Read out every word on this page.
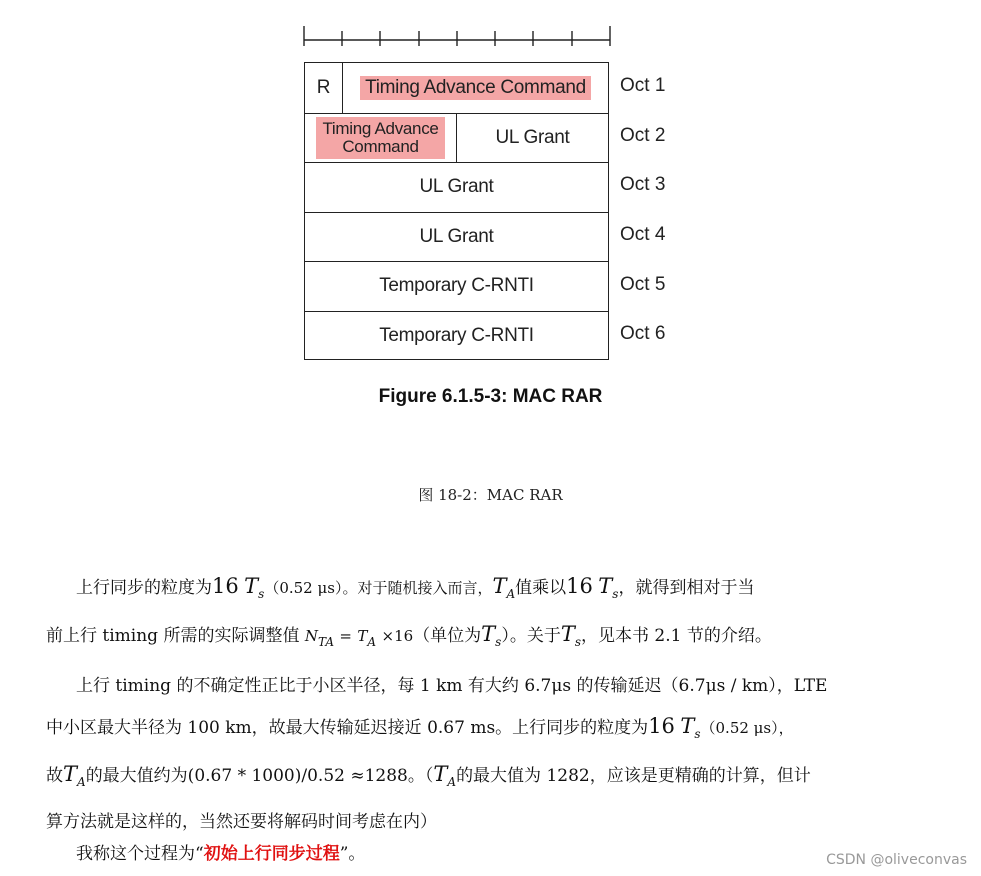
R Timing Advance Command
Timing Advance
Command	UL Grant
UL Grant
UL Grant
Temporary C-RNTI
Temporary C-RNTI
Oct 1
Oct 2
Oct 3
Oct 4
Oct 5
Oct 6
Figure 6.1.5-3: MAC RAR
图 18-2：MAC RAR
上行同步的粒度为16 $T_s(0.52$ μs）。对于随机接入而言，$T_A$值乘以16 $T_s$，就得到相对于当
前上行 timing 所需的实际调整值 $N_{TA} = T_A \times 16$（单位为$T_s$）。关于$T_s$，见本书 2.1 节的介绍。
上行 timing 的不确定性正比于小区半径，每 1 km 有大约 6.7μs 的传输延迟（6.7μs / km），LTE
中小区最大半径为 100 km，故最大传输延迟接近 0.67 ms。上行同步的粒度为16 $T_s(0.52$ μs），
故$T_A$的最大值约为(0.67 * 1000)/0.52 ≈1288。（$T_A$的最大值为 1282，应该是更精确的计算，但计
算方法就是这样的，当然还要将解码时间考虑在内）
我称这个过程为“初始上行同步过程”。	CSDN @oliveconvas
